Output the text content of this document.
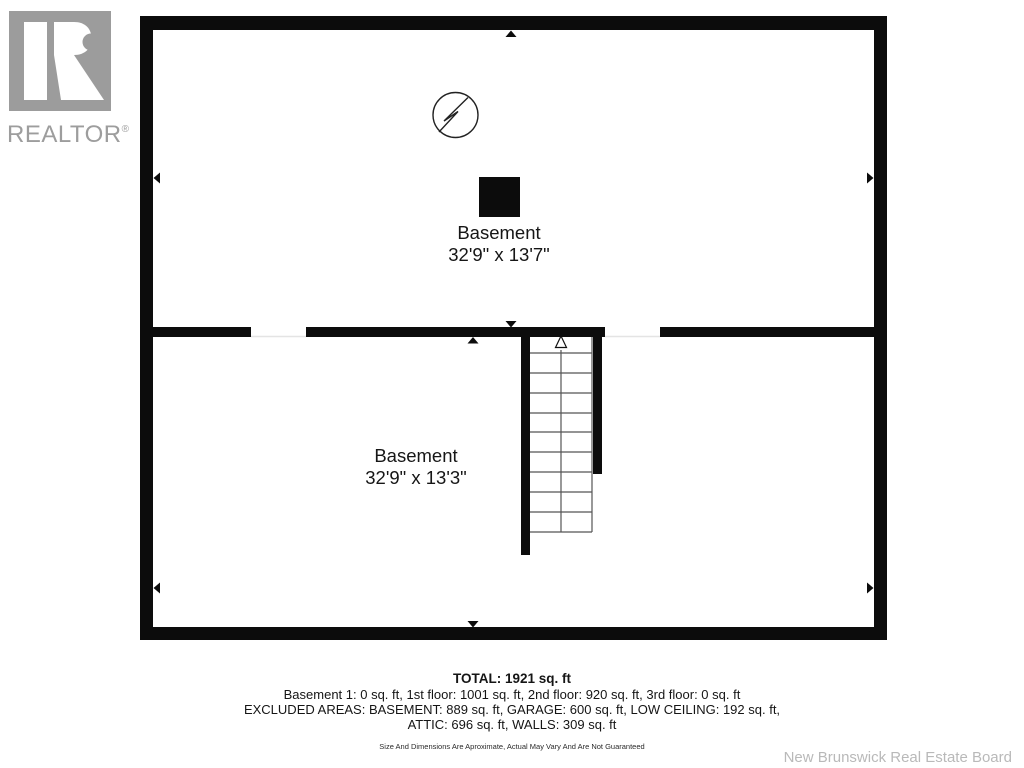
REALTOR®
Basement
32'9" x 13'7"
Basement
32'9" x 13'3"
TOTAL: 1921 sq. ft
Basement 1: 0 sq. ft, 1st floor: 1001 sq. ft, 2nd floor: 920 sq. ft, 3rd floor: 0 sq. ft
EXCLUDED AREAS: BASEMENT: 889 sq. ft, GARAGE: 600 sq. ft, LOW CEILING: 192 sq. ft,
ATTIC: 696 sq. ft, WALLS: 309 sq. ft
Size And Dimensions Are Aproximate, Actual May Vary And Are Not Guaranteed
New Brunswick Real Estate Board
